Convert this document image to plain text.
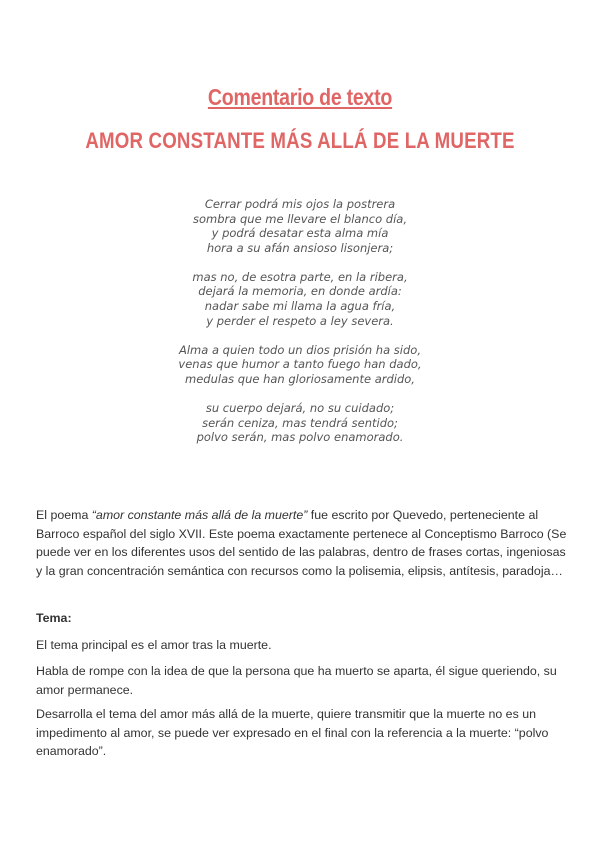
Comentario de texto
AMOR CONSTANTE MÁS ALLÁ DE LA MUERTE
Cerrar podrá mis ojos la postrera
sombra que me llevare el blanco día,
y podrá desatar esta alma mía
hora a su afán ansioso lisonjera;
mas no, de esotra parte, en la ribera,
dejará la memoria, en donde ardía:
nadar sabe mi llama la agua fría,
y perder el respeto a ley severa.
Alma a quien todo un dios prisión ha sido,
venas que humor a tanto fuego han dado,
medulas que han gloriosamente ardido,
su cuerpo dejará, no su cuidado;
serán ceniza, mas tendrá sentido;
polvo serán, mas polvo enamorado.
El poema “amor constante más allá de la muerte” fue escrito por Quevedo, perteneciente al Barroco español del siglo XVII. Este poema exactamente pertenece al Conceptismo Barroco (Se puede ver en los diferentes usos del sentido de las palabras, dentro de frases cortas, ingeniosas y la gran concentración semántica con recursos como la polisemia, elipsis, antítesis, paradoja…
Tema:
El tema principal es el amor tras la muerte.
Habla de rompe con la idea de que la persona que ha muerto se aparta, él sigue queriendo, su amor permanece.
Desarrolla el tema del amor más allá de la muerte, quiere transmitir que la muerte no es un impedimento al amor, se puede ver expresado en el final con la referencia a la muerte: “polvo enamorado”.
